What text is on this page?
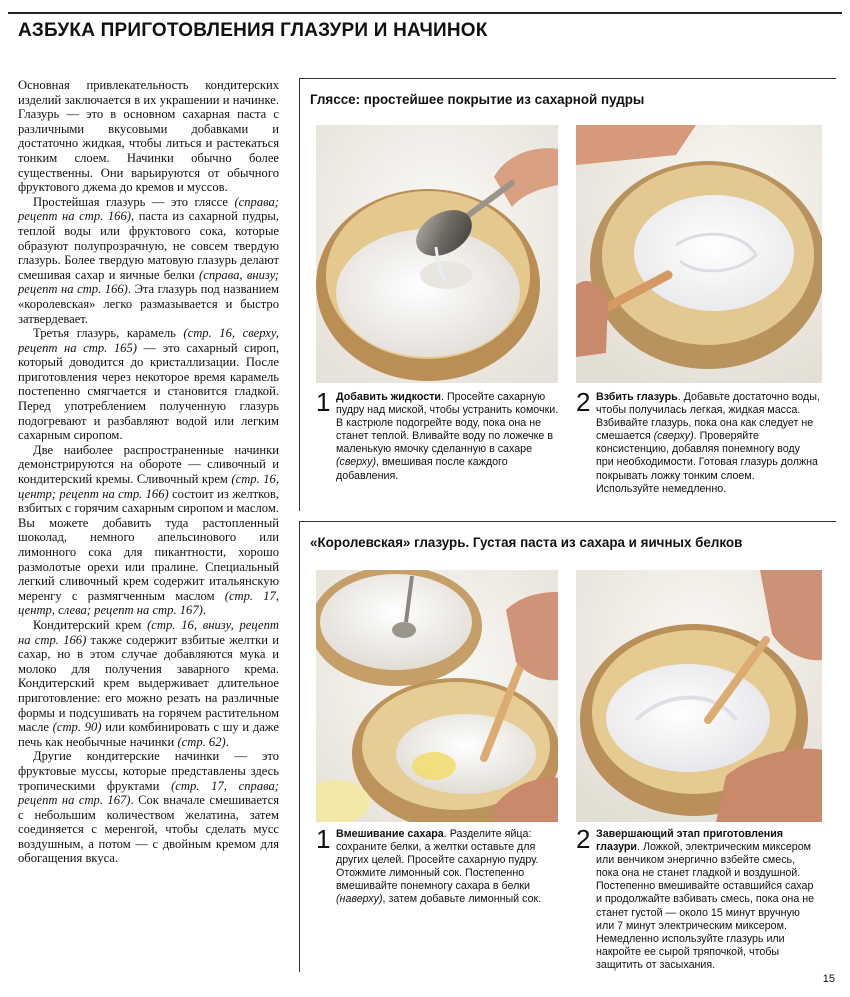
АЗБУКА ПРИГОТОВЛЕНИЯ ГЛАЗУРИ И НАЧИНОК

Основная привлекательность кондитерских изделий заключается в их украшении и начинке. Глазурь — это в основном сахарная паста с различными вкусовыми добавками и достаточно жидкая, чтобы литься и растекаться тонким слоем. Начинки обычно более существенны. Они варьируются от обычного фруктового джема до кремов и муссов.

Простейшая глазурь — это гляссе (справа; рецепт на стр. 166), паста из сахарной пудры, теплой воды или фруктового сока, которые образуют полупрозрачную, не совсем твердую глазурь. Более твердую матовую глазурь делают смешивая сахар и яичные белки (справа, внизу; рецепт на стр. 166). Эта глазурь под названием «королевская» легко размазывается и быстро затвердевает.

Третья глазурь, карамель (стр. 16, сверху, рецепт на стр. 165) — это сахарный сироп, который доводится до кристаллизации. После приготовления через некоторое время карамель постепенно смягчается и становится гладкой. Перед употреблением полученную глазурь подогревают и разбавляют водой или легким сахарным сиропом.

Две наиболее распространенные начинки демонстрируются на обороте — сливочный и кондитерский кремы. Сливочный крем (стр. 16, центр; рецепт на стр. 166) состоит из желтков, взбитых с горячим сахарным сиропом и маслом. Вы можете добавить туда растопленный шоколад, немного апельсинового или лимонного сока для пикантности, хорошо размолотые орехи или пралине. Специальный легкий сливочный крем содержит итальянскую меренгу с размягченным маслом (стр. 17, центр, слева; рецепт на стр. 167).

Кондитерский крем (стр. 16, внизу, рецепт на стр. 166) также содержит взбитые желтки и сахар, но в этом случае добавляются мука и молоко для получения заварного крема. Кондитерский крем выдерживает длительное приготовление: его можно резать на различные формы и подсушивать на горячем растительном масле (стр. 90) или комбинировать с шу и даже печь как необычные начинки (стр. 62).

Другие кондитерские начинки — это фруктовые муссы, которые представлены здесь тропическими фруктами (стр. 17, справа; рецепт на стр. 167). Сок вначале смешивается с небольшим количеством желатина, затем соединяется с меренгой, чтобы сделать мусс воздушным, а потом — с двойным кремом для обогащения вкуса.

Гляссе: простейшее покрытие из сахарной пудры
1 Добавить жидкости. Просейте сахарную пудру над миской, чтобы устранить комочки. В кастрюле подогрейте воду, пока она не станет теплой. Вливайте воду по ложечке в маленькую ямочку сделанную в сахаре (сверху), вмешивая после каждого добавления.
2 Взбить глазурь. Добавьте достаточно воды, чтобы получилась легкая, жидкая масса. Взбивайте глазурь, пока она как следует не смешается (сверху). Проверяйте консистенцию, добавляя понемногу воду при необходимости. Готовая глазурь должна покрывать ложку тонким слоем. Используйте немедленно.
«Королевская» глазурь. Густая паста из сахара и яичных белков
1 Вмешивание сахара. Разделите яйца: сохраните белки, а желтки оставьте для других целей. Просейте сахарную пудру. Отожмите лимонный сок. Постепенно вмешивайте понемногу сахара в белки (наверху), затем добавьте лимонный сок.
2 Завершающий этап приготовления глазури. Ложкой, электрическим миксером или венчиком энергично взбейте смесь, пока она не станет гладкой и воздушной. Постепенно вмешивайте оставшийся сахар и продолжайте взбивать смесь, пока она не станет густой — около 15 минут вручную или 7 минут электрическим миксером. Немедленно используйте глазурь или накройте ее сырой тряпочкой, чтобы защитить от засыхания.
15
